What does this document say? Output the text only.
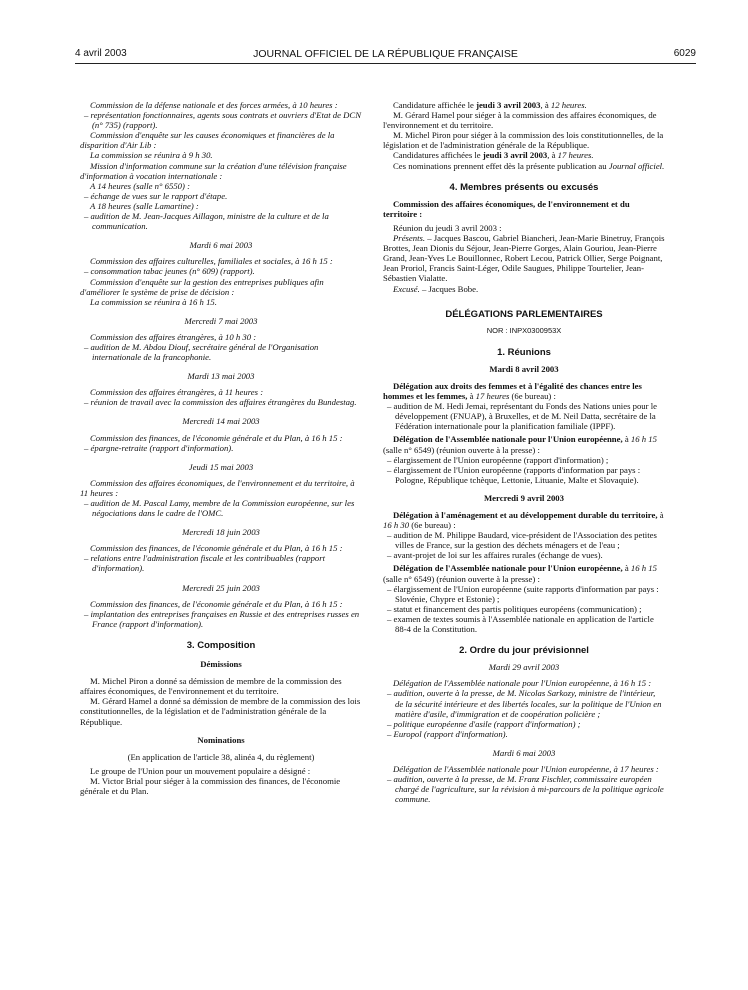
4 avril 2003	JOURNAL OFFICIEL DE LA RÉPUBLIQUE FRANÇAISE	6029

Commission de la défense nationale et des forces armées, à 10 heures :

– représentation fonctionnaires, agents sous contrats et ouvriers d'Etat de DCN (n° 735) (rapport).

Commission d'enquête sur les causes économiques et financières de la disparition d'Air Lib :

La commission se réunira à 9 h 30.

Mission d'information commune sur la création d'une télévision française d'information à vocation internationale :

A 14 heures (salle n° 6550) :

– échange de vues sur le rapport d'étape.

A 18 heures (salle Lamartine) :

– audition de M. Jean-Jacques Aillagon, ministre de la culture et de la communication.

Mardi 6 mai 2003

Commission des affaires culturelles, familiales et sociales, à 16 h 15 :

– consommation tabac jeunes (n° 609) (rapport).

Commission d'enquête sur la gestion des entreprises publiques afin d'améliorer le système de prise de décision :

La commission se réunira à 16 h 15.

Mercredi 7 mai 2003

Commission des affaires étrangères, à 10 h 30 :

– audition de M. Abdou Diouf, secrétaire général de l'Organisation internationale de la francophonie.

Mardi 13 mai 2003

Commission des affaires étrangères, à 11 heures :

– réunion de travail avec la commission des affaires étrangères du Bundestag.

Mercredi 14 mai 2003

Commission des finances, de l'économie générale et du Plan, à 16 h 15 :

– épargne-retraite (rapport d'information).

Jeudi 15 mai 2003

Commission des affaires économiques, de l'environnement et du territoire, à 11 heures :

– audition de M. Pascal Lamy, membre de la Commission européenne, sur les négociations dans le cadre de l'OMC.

Mercredi 18 juin 2003

Commission des finances, de l'économie générale et du Plan, à 16 h 15 :

– relations entre l'administration fiscale et les contribuables (rapport d'information).

Mercredi 25 juin 2003

Commission des finances, de l'économie générale et du Plan, à 16 h 15 :

– implantation des entreprises françaises en Russie et des entreprises russes en France (rapport d'information).

3. Composition

Démissions

M. Michel Piron a donné sa démission de membre de la commission des affaires économiques, de l'environnement et du territoire.

M. Gérard Hamel a donné sa démission de membre de la commission des lois constitutionnelles, de la législation et de l'administration générale de la République.

Nominations

(En application de l'article 38, alinéa 4, du règlement)

Le groupe de l'Union pour un mouvement populaire a désigné :

M. Victor Brial pour siéger à la commission des finances, de l'économie générale et du Plan.

Candidature affichée le jeudi 3 avril 2003, à 12 heures.

M. Gérard Hamel pour siéger à la commission des affaires économiques, de l'environnement et du territoire.

M. Michel Piron pour siéger à la commission des lois constitutionnelles, de la législation et de l'administration générale de la République.

Candidatures affichées le jeudi 3 avril 2003, à 17 heures.

Ces nominations prennent effet dès la présente publication au Journal officiel.

4. Membres présents ou excusés

Commission des affaires économiques, de l'environnement et du territoire :

Réunion du jeudi 3 avril 2003 :

Présents. – Jacques Bascou, Gabriel Biancheri, Jean-Marie Binetruy, François Brottes, Jean Dionis du Séjour, Jean-Pierre Gorges, Alain Gouriou, Jean-Pierre Grand, Jean-Yves Le Bouillonnec, Robert Lecou, Patrick Ollier, Serge Poignant, Jean Proriol, Francis Saint-Léger, Odile Saugues, Philippe Tourtelier, Jean-Sébastien Vialatte.

Excusé. – Jacques Bobe.

DÉLÉGATIONS PARLEMENTAIRES

NOR : INPX0300953X

1. Réunions

Mardi 8 avril 2003

Délégation aux droits des femmes et à l'égalité des chances entre les hommes et les femmes, à 17 heures (6e bureau) :

– audition de M. Hedi Jemai, représentant du Fonds des Nations unies pour le développement (FNUAP), à Bruxelles, et de M. Neil Datta, secrétaire de la Fédération internationale pour la planification familiale (IPPF).

Délégation de l'Assemblée nationale pour l'Union européenne, à 16 h 15 (salle n° 6549) (réunion ouverte à la presse) :

– élargissement de l'Union européenne (rapport d'information) ;

– élargissement de l'Union européenne (rapports d'information par pays : Pologne, République tchèque, Lettonie, Lituanie, Malte et Slovaquie).

Mercredi 9 avril 2003

Délégation à l'aménagement et au développement durable du territoire, à 16 h 30 (6e bureau) :

– audition de M. Philippe Baudard, vice-président de l'Association des petites villes de France, sur la gestion des déchets ménagers et de l'eau ;

– avant-projet de loi sur les affaires rurales (échange de vues).

Délégation de l'Assemblée nationale pour l'Union européenne, à 16 h 15 (salle n° 6549) (réunion ouverte à la presse) :

– élargissement de l'Union européenne (suite rapports d'information par pays : Slovénie, Chypre et Estonie) ;

– statut et financement des partis politiques européens (communication) ;

– examen de textes soumis à l'Assemblée nationale en application de l'article 88-4 de la Constitution.

2. Ordre du jour prévisionnel

Mardi 29 avril 2003

Délégation de l'Assemblée nationale pour l'Union européenne, à 16 h 15 :

– audition, ouverte à la presse, de M. Nicolas Sarkozy, ministre de l'intérieur, de la sécurité intérieure et des libertés locales, sur la politique de l'Union en matière d'asile, d'immigration et de coopération policière ;

– politique européenne d'asile (rapport d'information) ;

– Europol (rapport d'information).

Mardi 6 mai 2003

Délégation de l'Assemblée nationale pour l'Union européenne, à 17 heures :

– audition, ouverte à la presse, de M. Franz Fischler, commissaire européen chargé de l'agriculture, sur la révision à mi-parcours de la politique agricole commune.
